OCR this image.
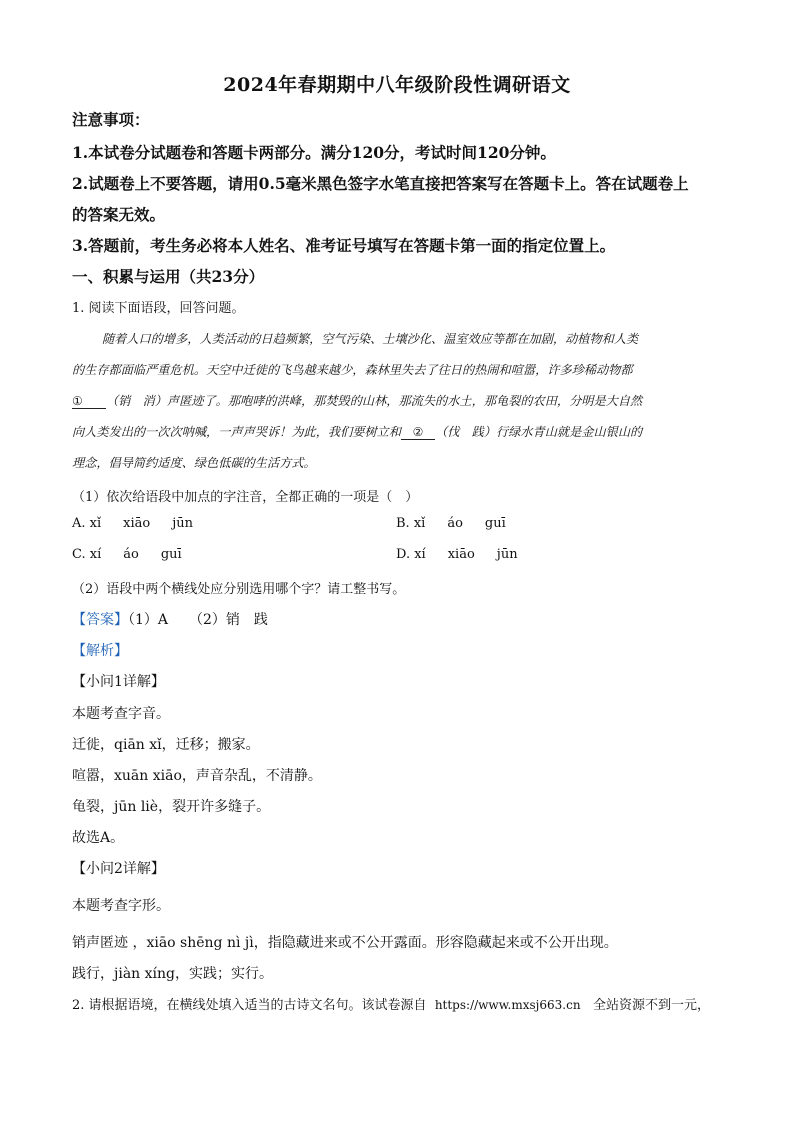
2024年春期期中八年级阶段性调研语文
注意事项：
1.本试卷分试题卷和答题卡两部分。满分120分，考试时间120分钟。
2.试题卷上不要答题，请用0.5毫米黑色签字水笔直接把答案写在答题卡上。答在试题卷上
的答案无效。
3.答题前，考生务必将本人姓名、准考证号填写在答题卡第一面的指定位置上。
一、积累与运用（共23分）
1. 阅读下面语段，回答问题。
随着人口的增多，人类活动的日趋频繁，空气污染、土壤沙化、温室效应等都在加剧，动植物和人类
的生存都面临严重危机。天空中迁徙的飞鸟越来越少，森林里失去了往日的热闹和喧嚣，许多珍稀动物都
① （销　消）声匿迹了。那咆哮的洪峰，那焚毁的山林，那流失的水土，那龟裂的农田，分明是大自然
向人类发出的一次次呐喊，一声声哭诉！为此，我们要树立和 ② （伐　践）行绿水青山就是金山银山的
理念，倡导简约适度、绿色低碳的生活方式。
（1）依次给语段中加点的字注音，全都正确的一项是（　）
A. xǐ xiāo jūn	B. xǐ áo guī
C. xí áo guī	D. xí xiāo jūn
（2）语段中两个横线处应分别选用哪个字？请工整书写。
【答案】（1）A　　（2）销　践
【解析】
【小问1详解】
本题考查字音。
迁徙，qiān xǐ，迁移；搬家。
喧嚣，xuān xiāo，声音杂乱，不清静。
龟裂，jūn liè，裂开许多缝子。
故选A。
【小问2详解】
本题考查字形。
销声匿迹 ，xiāo shēng nì jì，指隐藏进来或不公开露面。形容隐藏起来或不公开出现。
践行，jiàn xíng，实践；实行。
2. 请根据语境，在横线处填入适当的古诗文名句。该试卷源自 https://www.mxsj663.cn 全站资源不到一元，
